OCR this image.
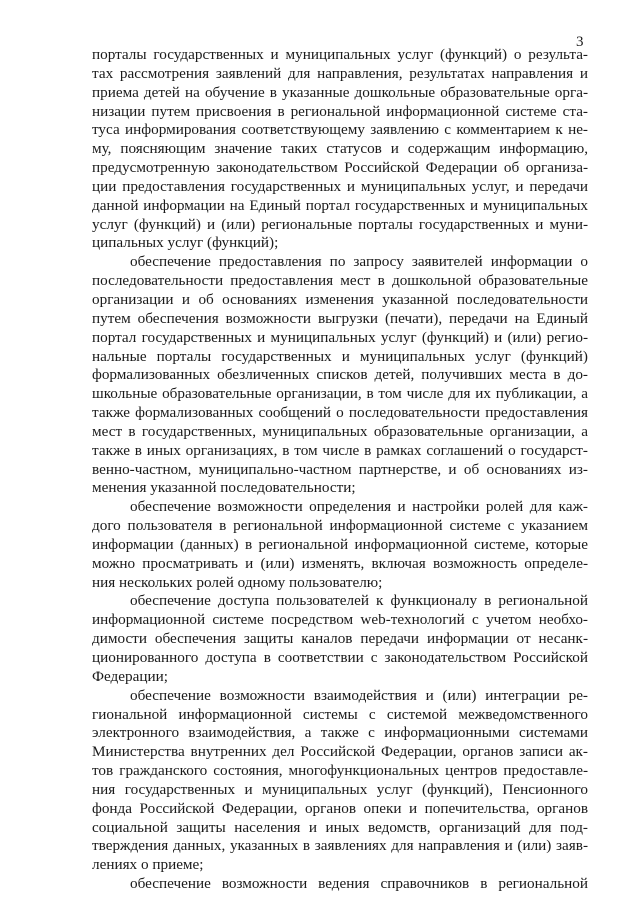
3
порталы государственных и муниципальных услуг (функций) о результа-
тах рассмотрения заявлений для направления, результатах направления и
приема детей на обучение в указанные дошкольные образовательные орга-
низации путем присвоения в региональной информационной системе ста-
туса информирования соответствующему заявлению с комментарием к не-
му, поясняющим значение таких статусов и содержащим информацию,
предусмотренную законодательством Российской Федерации об организа-
ции предоставления государственных и муниципальных услуг, и передачи
данной информации на Единый портал государственных и муниципальных
услуг (функций) и (или) региональные порталы государственных и муни-
ципальных услуг (функций);
обеспечение предоставления по запросу заявителей информации о
последовательности предоставления мест в дошкольной образовательные
организации и об основаниях изменения указанной последовательности
путем обеспечения возможности выгрузки (печати), передачи на Единый
портал государственных и муниципальных услуг (функций) и (или) регио-
нальные порталы государственных и муниципальных услуг (функций)
формализованных обезличенных списков детей, получивших места в до-
школьные образовательные организации, в том числе для их публикации, а
также формализованных сообщений о последовательности предоставления
мест в государственных, муниципальных образовательные организации, а
также в иных организациях, в том числе в рамках соглашений о государст-
венно-частном, муниципально-частном партнерстве, и об основаниях из-
менения указанной последовательности;
обеспечение возможности определения и настройки ролей для каж-
дого пользователя в региональной информационной системе с указанием
информации (данных) в региональной информационной системе, которые
можно просматривать и (или) изменять, включая возможность определе-
ния нескольких ролей одному пользователю;
обеспечение доступа пользователей к функционалу в региональной
информационной системе посредством web-технологий с учетом необхо-
димости обеспечения защиты каналов передачи информации от несанк-
ционированного доступа в соответствии с законодательством Российской
Федерации;
обеспечение возможности взаимодействия и (или) интеграции ре-
гиональной информационной системы с системой межведомственного
электронного взаимодействия, а также с информационными системами
Министерства внутренних дел Российской Федерации, органов записи ак-
тов гражданского состояния, многофункциональных центров предоставле-
ния государственных и муниципальных услуг (функций), Пенсионного
фонда Российской Федерации, органов опеки и попечительства, органов
социальной защиты населения и иных ведомств, организаций для под-
тверждения данных, указанных в заявлениях для направления и (или) заяв-
лениях о приеме;
обеспечение возможности ведения справочников в региональной
